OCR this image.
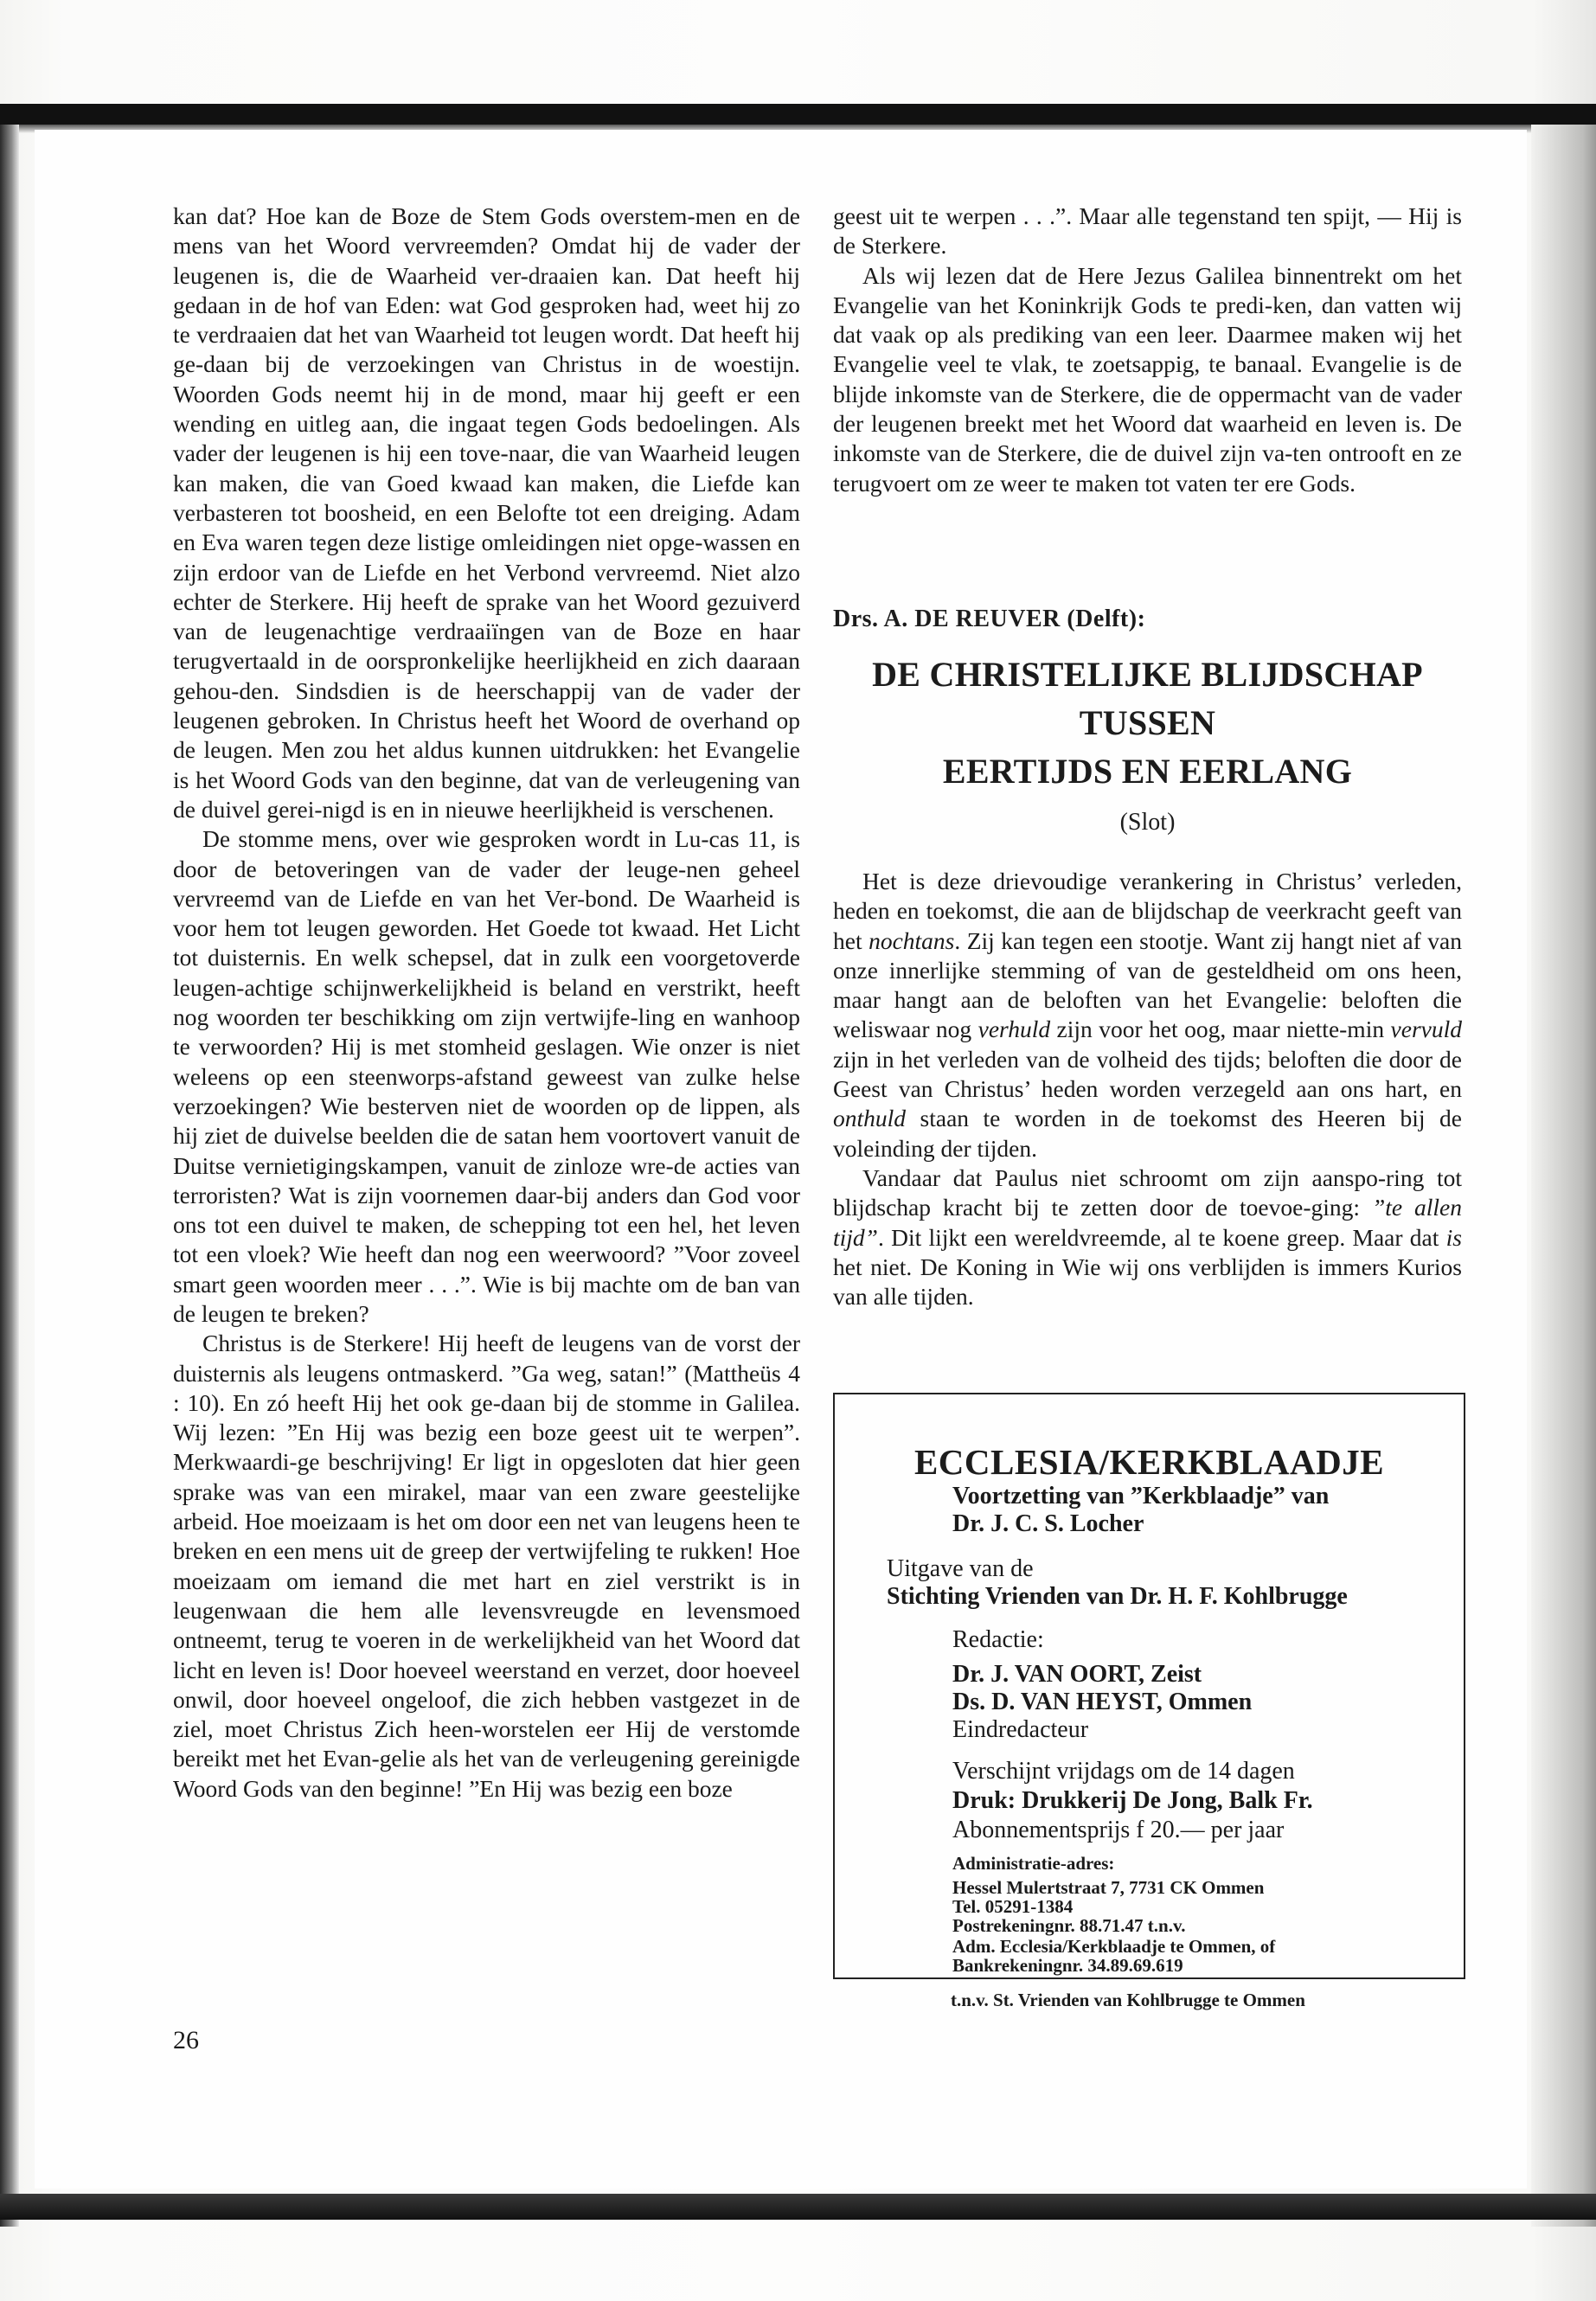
kan dat? Hoe kan de Boze de Stem Gods overstem-men en de mens van het Woord vervreemden? Omdat hij de vader der leugenen is, die de Waarheid ver-draaien kan. Dat heeft hij gedaan in de hof van Eden: wat God gesproken had, weet hij zo te verdraaien dat het van Waarheid tot leugen wordt. Dat heeft hij ge-daan bij de verzoekingen van Christus in de woestijn. Woorden Gods neemt hij in de mond, maar hij geeft er een wending en uitleg aan, die ingaat tegen Gods bedoelingen. Als vader der leugenen is hij een tove-naar, die van Waarheid leugen kan maken, die van Goed kwaad kan maken, die Liefde kan verbasteren tot boosheid, en een Belofte tot een dreiging. Adam en Eva waren tegen deze listige omleidingen niet opge-wassen en zijn erdoor van de Liefde en het Verbond vervreemd. Niet alzo echter de Sterkere. Hij heeft de sprake van het Woord gezuiverd van de leugenachtige verdraaiïngen van de Boze en haar terugvertaald in de oorspronkelijke heerlijkheid en zich daaraan gehou-den. Sindsdien is de heerschappij van de vader der leugenen gebroken. In Christus heeft het Woord de overhand op de leugen. Men zou het aldus kunnen uitdrukken: het Evangelie is het Woord Gods van den beginne, dat van de verleugening van de duivel gerei-nigd is en in nieuwe heerlijkheid is verschenen.

De stomme mens, over wie gesproken wordt in Lu-cas 11, is door de betoveringen van de vader der leuge-nen geheel vervreemd van de Liefde en van het Ver-bond. De Waarheid is voor hem tot leugen geworden. Het Goede tot kwaad. Het Licht tot duisternis. En welk schepsel, dat in zulk een voorgetoverde leugen-achtige schijnwerkelijkheid is beland en verstrikt, heeft nog woorden ter beschikking om zijn vertwijfe-ling en wanhoop te verwoorden? Hij is met stomheid geslagen. Wie onzer is niet weleens op een steenworps-afstand geweest van zulke helse verzoekingen? Wie besterven niet de woorden op de lippen, als hij ziet de duivelse beelden die de satan hem voortovert vanuit de Duitse vernietigingskampen, vanuit de zinloze wre-de acties van terroristen? Wat is zijn voornemen daar-bij anders dan God voor ons tot een duivel te maken, de schepping tot een hel, het leven tot een vloek? Wie heeft dan nog een weerwoord? ”Voor zoveel smart geen woorden meer . . .”. Wie is bij machte om de ban van de leugen te breken?

Christus is de Sterkere! Hij heeft de leugens van de vorst der duisternis als leugens ontmaskerd. ”Ga weg, satan!” (Mattheüs 4 : 10). En zó heeft Hij het ook ge-daan bij de stomme in Galilea. Wij lezen: ”En Hij was bezig een boze geest uit te werpen”. Merkwaardi-ge beschrijving! Er ligt in opgesloten dat hier geen sprake was van een mirakel, maar van een zware geestelijke arbeid. Hoe moeizaam is het om door een net van leugens heen te breken en een mens uit de greep der vertwijfeling te rukken! Hoe moeizaam om iemand die met hart en ziel verstrikt is in leugenwaan die hem alle levensvreugde en levensmoed ontneemt, terug te voeren in de werkelijkheid van het Woord dat licht en leven is! Door hoeveel weerstand en verzet, door hoeveel onwil, door hoeveel ongeloof, die zich hebben vastgezet in de ziel, moet Christus Zich heen-worstelen eer Hij de verstomde bereikt met het Evan-gelie als het van de verleugening gereinigde Woord Gods van den beginne! ”En Hij was bezig een boze

geest uit te werpen . . .”. Maar alle tegenstand ten spijt, — Hij is de Sterkere.

Als wij lezen dat de Here Jezus Galilea binnentrekt om het Evangelie van het Koninkrijk Gods te predi-ken, dan vatten wij dat vaak op als prediking van een leer. Daarmee maken wij het Evangelie veel te vlak, te zoetsappig, te banaal. Evangelie is de blijde inkomste van de Sterkere, die de oppermacht van de vader der leugenen breekt met het Woord dat waarheid en leven is. De inkomste van de Sterkere, die de duivel zijn va-ten ontrooft en ze terugvoert om ze weer te maken tot vaten ter ere Gods.

Drs. A. DE REUVER (Delft):
DE CHRISTELIJKE BLIJDSCHAP
TUSSEN
EERTIJDS EN EERLANG
(Slot)

Het is deze drievoudige verankering in Christus’ verleden, heden en toekomst, die aan de blijdschap de veerkracht geeft van het nochtans. Zij kan tegen een stootje. Want zij hangt niet af van onze innerlijke stemming of van de gesteldheid om ons heen, maar hangt aan de beloften van het Evangelie: beloften die weliswaar nog verhuld zijn voor het oog, maar niette-min vervuld zijn in het verleden van de volheid des tijds; beloften die door de Geest van Christus’ heden worden verzegeld aan ons hart, en onthuld staan te worden in de toekomst des Heeren bij de voleinding der tijden.

Vandaar dat Paulus niet schroomt om zijn aanspo-ring tot blijdschap kracht bij te zetten door de toevoe-ging: ”te allen tijd”. Dit lijkt een wereldvreemde, al te koene greep. Maar dat is het niet. De Koning in Wie wij ons verblijden is immers Kurios van alle tijden.

ECCLESIA/KERKBLAADJE
Voortzetting van ”Kerkblaadje” van
Dr. J. C. S. Locher
Uitgave van de
Stichting Vrienden van Dr. H. F. Kohlbrugge
Redactie:
Dr. J. VAN OORT, Zeist
Ds. D. VAN HEYST, Ommen
Eindredacteur
Verschijnt vrijdags om de 14 dagen
Druk: Drukkerij De Jong, Balk Fr.
Abonnementsprijs f 20.— per jaar
Administratie-adres:
Hessel Mulertstraat 7, 7731 CK Ommen
Tel. 05291-1384
Postrekeningnr. 88.71.47 t.n.v.
Adm. Ecclesia/Kerkblaadje te Ommen, of
Bankrekeningnr. 34.89.69.619
t.n.v. St. Vrienden van Kohlbrugge te Ommen
26
